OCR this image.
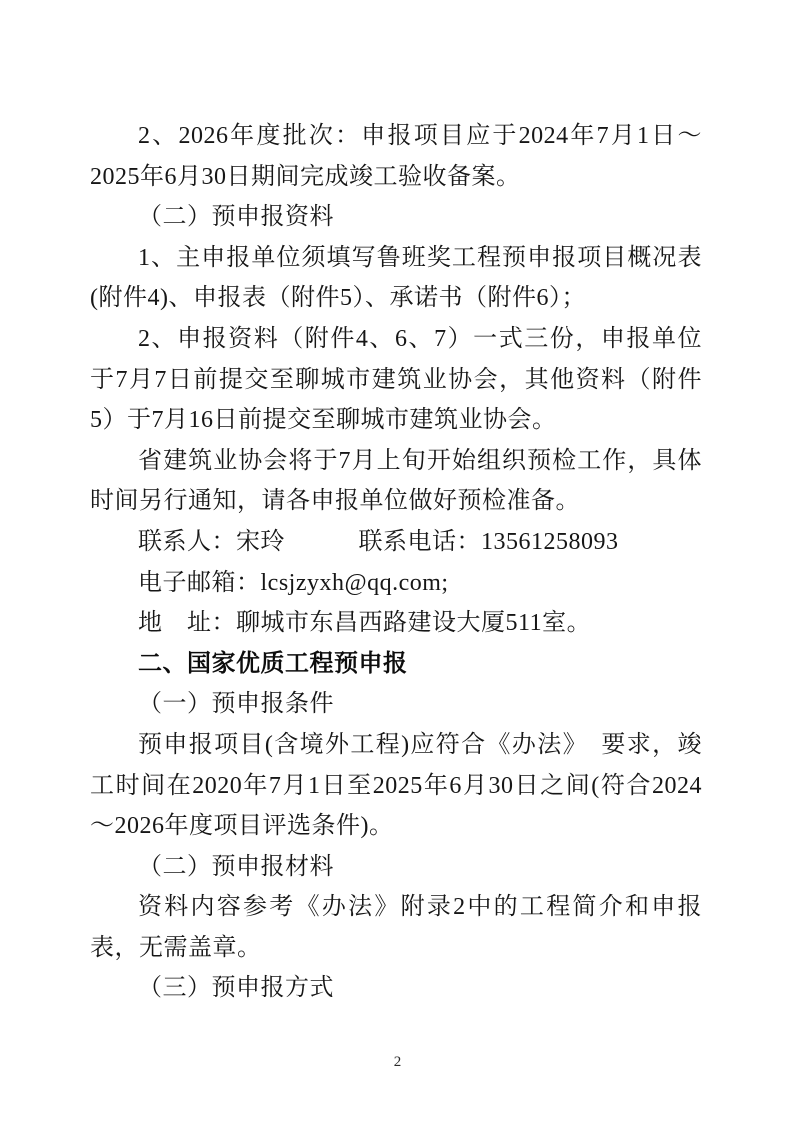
2、2026年度批次：申报项目应于2024年7月1日～2025年6月30日期间完成竣工验收备案。

（二）预申报资料

1、主申报单位须填写鲁班奖工程预申报项目概况表(附件4)、申报表（附件5）、承诺书（附件6）；

2、申报资料（附件4、6、7）一式三份，申报单位于7月7日前提交至聊城市建筑业协会，其他资料（附件5）于7月16日前提交至聊城市建筑业协会。

省建筑业协会将于7月上旬开始组织预检工作，具体时间另行通知，请各申报单位做好预检准备。

联系人：宋玲　　　联系电话：13561258093

电子邮箱：lcsjzyxh@qq.com;

地　址：聊城市东昌西路建设大厦511室。

二、国家优质工程预申报

（一）预申报条件

预申报项目(含境外工程)应符合《办法》　要求，竣工时间在2020年7月1日至2025年6月30日之间(符合2024～2026年度项目评选条件)。

（二）预申报材料

资料内容参考《办法》附录2中的工程简介和申报表，无需盖章。

（三）预申报方式

2
